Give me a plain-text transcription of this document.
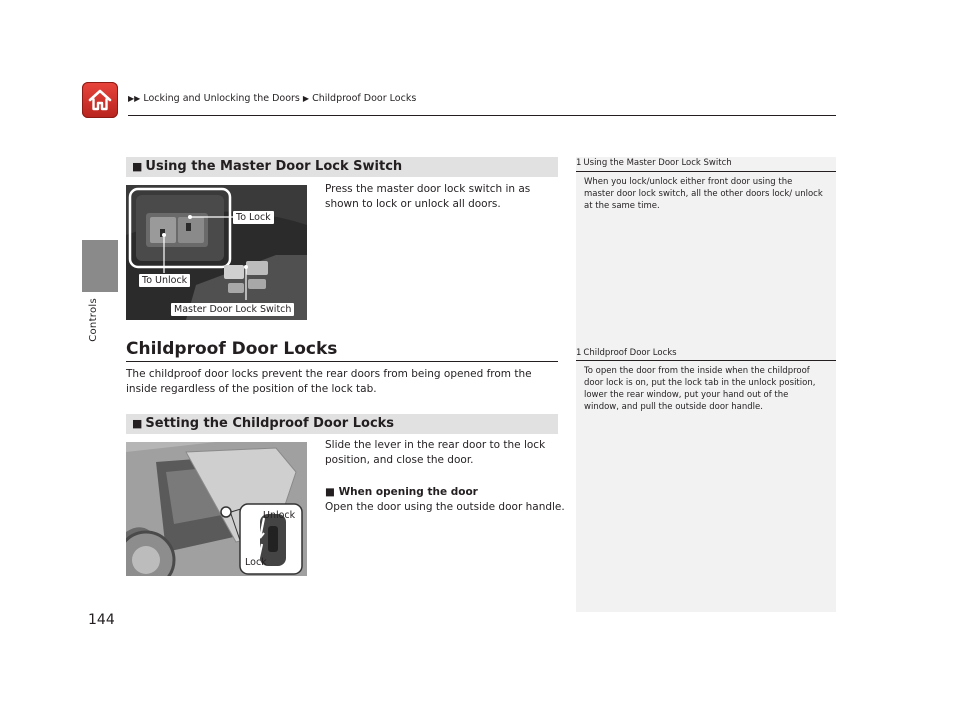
▶▶ Locking and Unlocking the Doors ▶ Childproof Door Locks
Controls
■ Using the Master Door Lock Switch
To Lock
To Unlock
Master Door Lock Switch
Press the master door lock switch in as shown to lock or unlock all doors.
Childproof Door Locks
The childproof door locks prevent the rear doors from being opened from the inside regardless of the position of the lock tab.
■ Setting the Childproof Door Locks
Unlock
Lock
Slide the lever in the rear door to the lock position, and close the door.
■ When opening the door
Open the door using the outside door handle.
1 Using the Master Door Lock Switch
When you lock/unlock either front door using the master door lock switch, all the other doors lock/ unlock at the same time.
1 Childproof Door Locks
To open the door from the inside when the childproof door lock is on, put the lock tab in the unlock position, lower the rear window, put your hand out of the window, and pull the outside door handle.
144
